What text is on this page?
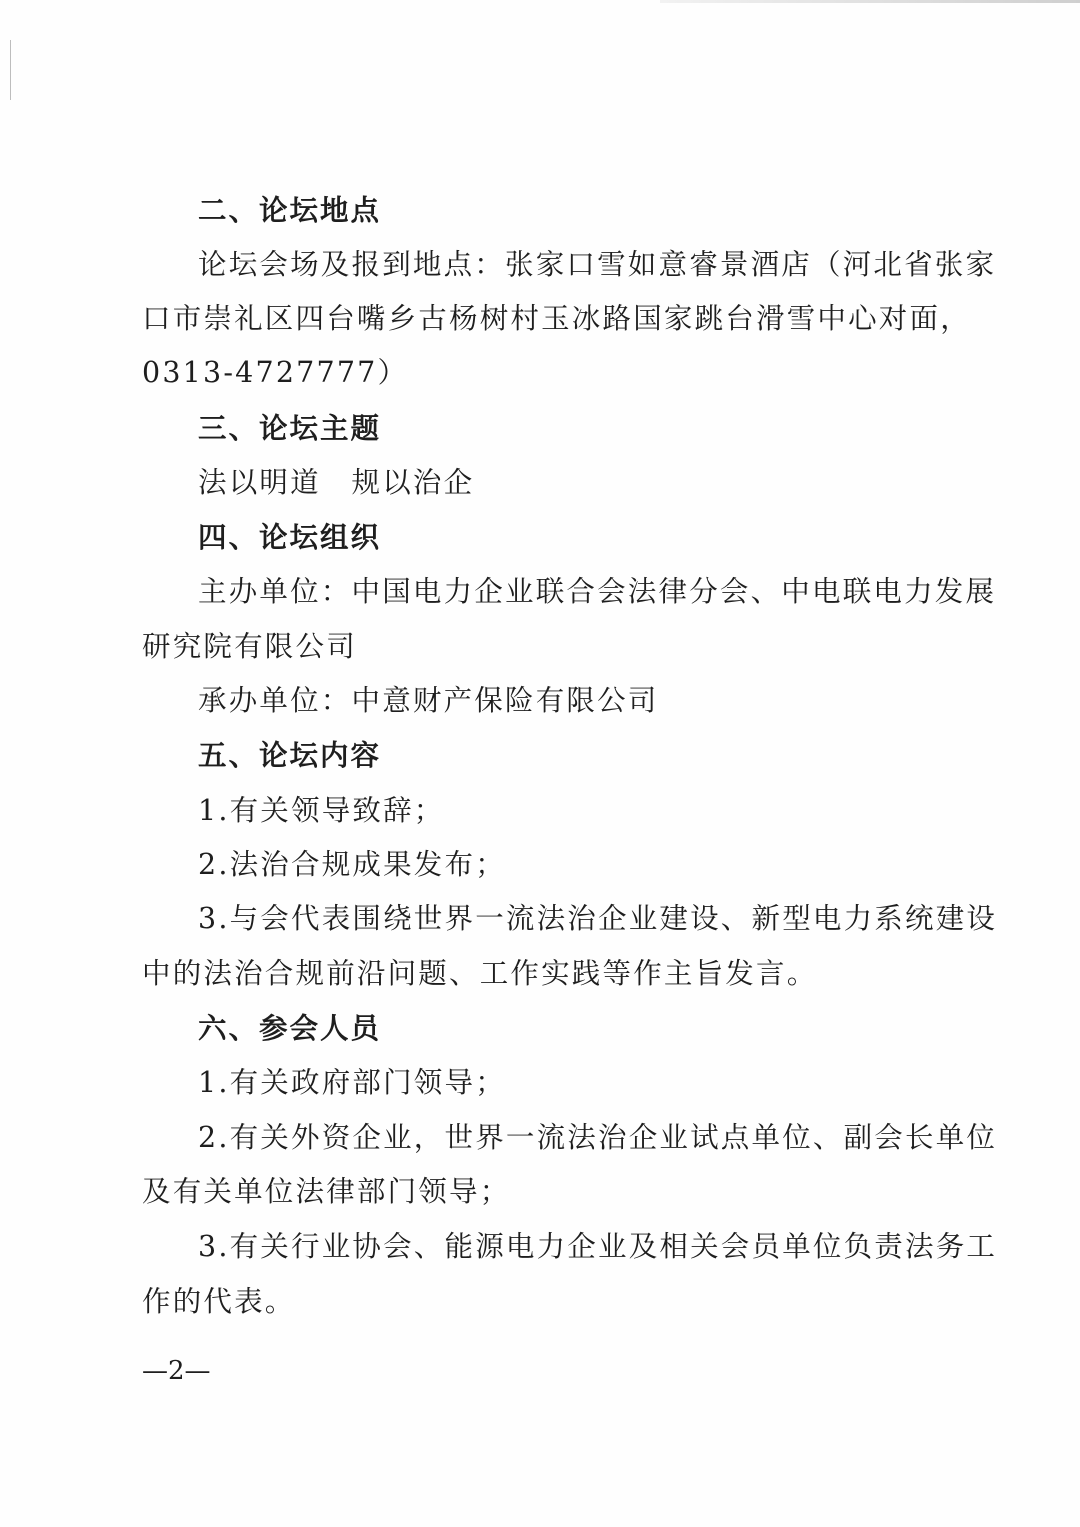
二、论坛地点
论坛会场及报到地点：张家口雪如意睿景酒店（河北省张家
口市崇礼区四台嘴乡古杨树村玉冰路国家跳台滑雪中心对面，
0313-4727777）
三、论坛主题
法以明道　规以治企
四、论坛组织
主办单位：中国电力企业联合会法律分会、中电联电力发展
研究院有限公司
承办单位：中意财产保险有限公司
五、论坛内容
1.有关领导致辞；
2.法治合规成果发布；
3.与会代表围绕世界一流法治企业建设、新型电力系统建设
中的法治合规前沿问题、工作实践等作主旨发言。
六、参会人员
1.有关政府部门领导；
2.有关外资企业，世界一流法治企业试点单位、副会长单位
及有关单位法律部门领导；
3.有关行业协会、能源电力企业及相关会员单位负责法务工
作的代表。
—2—
